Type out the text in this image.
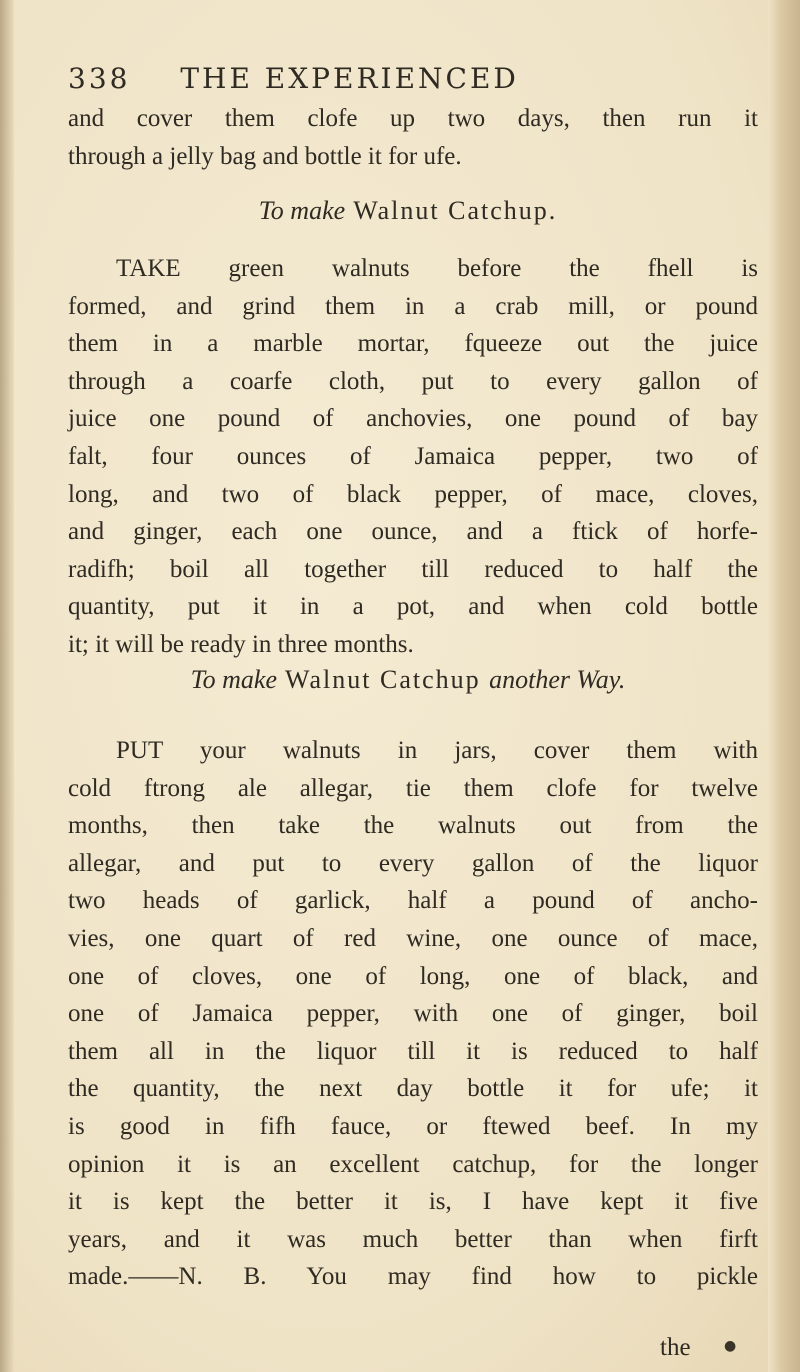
338 THE EXPERIENCED
and cover them clofe up two days, then run it
through a jelly bag and bottle it for ufe.
To make Walnut Catchup.
TAKE green walnuts before the fhell is
formed, and grind them in a crab mill, or pound
them in a marble mortar, fqueeze out the juice
through a coarfe cloth, put to every gallon of
juice one pound of anchovies, one pound of bay
falt, four ounces of Jamaica pepper, two of
long, and two of black pepper, of mace, cloves,
and ginger, each one ounce, and a ftick of horfe-
radifh; boil all together till reduced to half the
quantity, put it in a pot, and when cold bottle
it; it will be ready in three months.
To make Walnut Catchup another Way.
PUT your walnuts in jars, cover them with
cold ftrong ale allegar, tie them clofe for twelve
months, then take the walnuts out from the
allegar, and put to every gallon of the liquor
two heads of garlick, half a pound of ancho-
vies, one quart of red wine, one ounce of mace,
one of cloves, one of long, one of black, and
one of Jamaica pepper, with one of ginger, boil
them all in the liquor till it is reduced to half
the quantity, the next day bottle it for ufe; it
is good in fifh fauce, or ftewed beef. In my
opinion it is an excellent catchup, for the longer
it is kept the better it is, I have kept it five
years, and it was much better than when firft
made.——N. B. You may find how to pickle
the ●
